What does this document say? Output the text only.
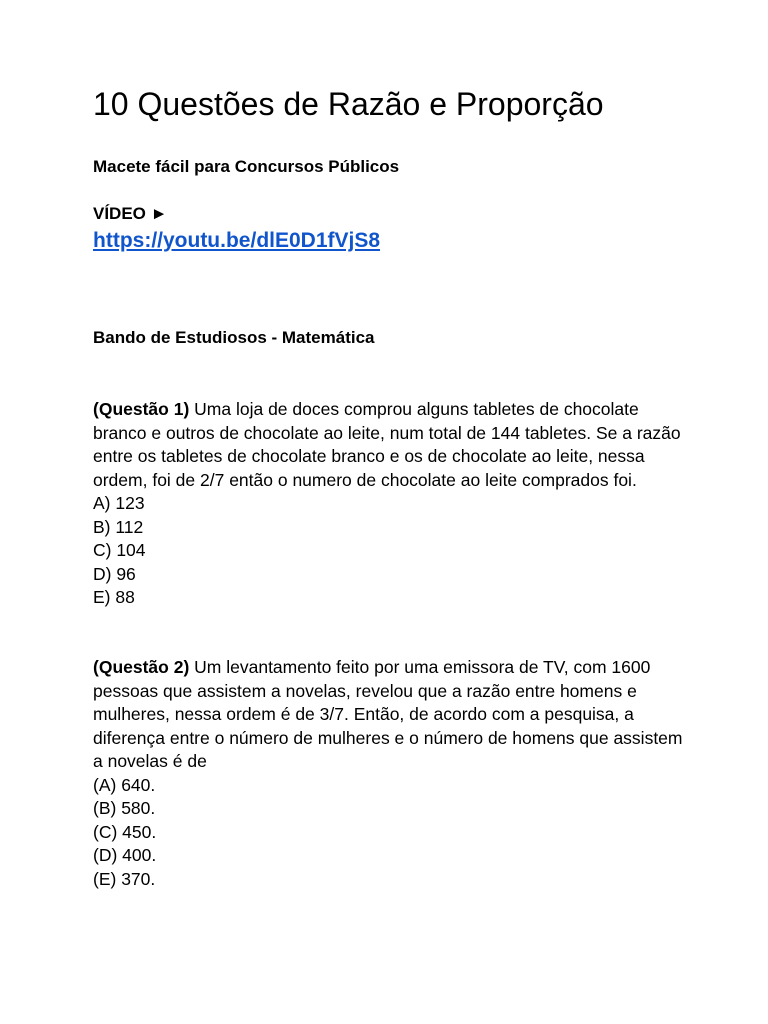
10 Questões de Razão e Proporção
Macete fácil para Concursos Públicos
VÍDEO ►
https://youtu.be/dlE0D1fVjS8
Bando de Estudiosos - Matemática
(Questão 1) Uma loja de doces comprou alguns tabletes de chocolate branco e outros de chocolate ao leite, num total de 144 tabletes. Se a razão entre os tabletes de chocolate branco e os de chocolate ao leite, nessa ordem, foi de 2/7 então o numero de chocolate ao leite comprados foi.
A) 123
B) 112
C) 104
D) 96
E) 88
(Questão 2) Um levantamento feito por uma emissora de TV, com 1600 pessoas que assistem a novelas, revelou que a razão entre homens e mulheres, nessa ordem é de 3/7. Então, de acordo com a pesquisa, a diferença entre o número de mulheres e o número de homens que assistem a novelas é de
(A) 640.
(B) 580.
(C) 450.
(D) 400.
(E) 370.
